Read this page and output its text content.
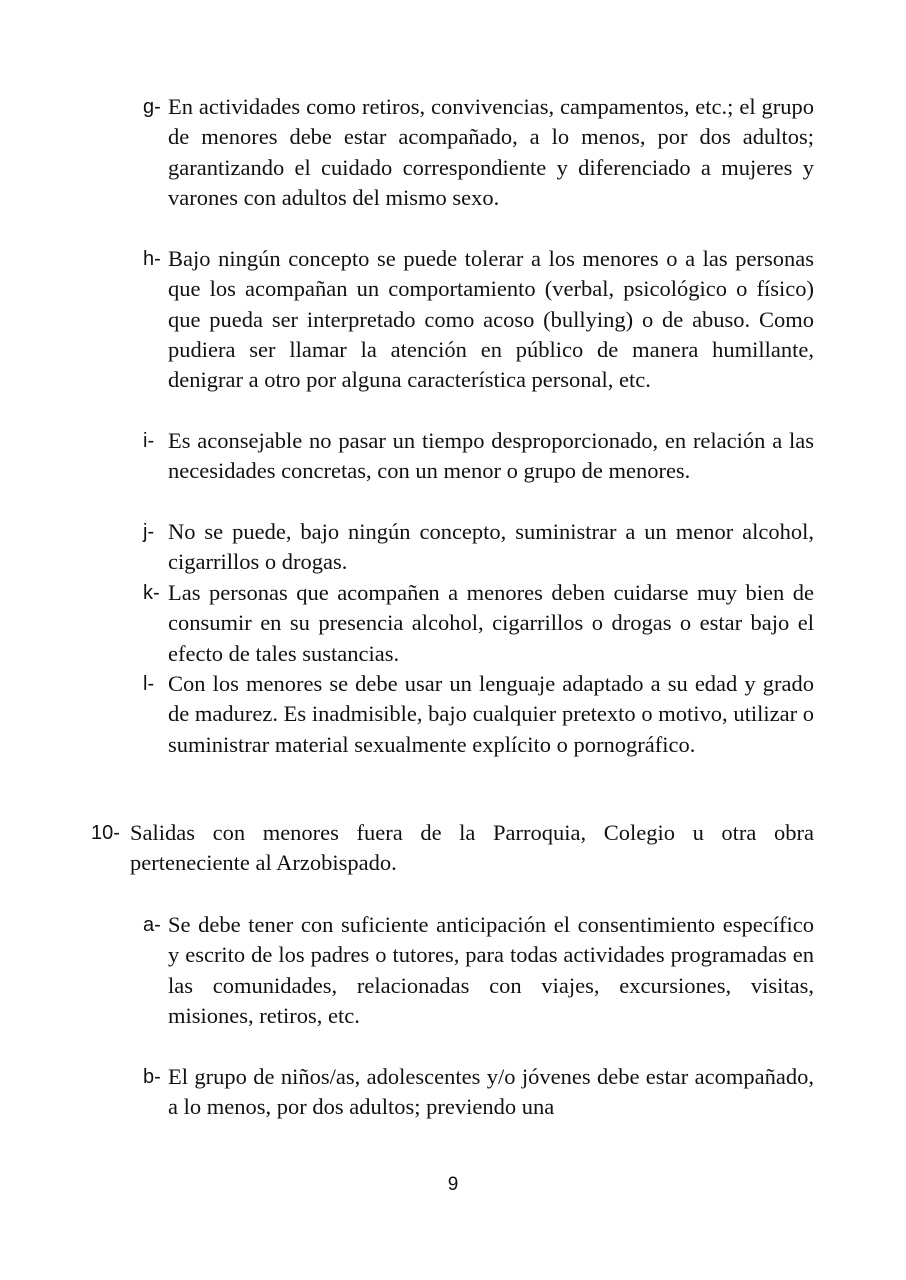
g- En actividades como retiros, convivencias, campamentos, etc.; el grupo de menores debe estar acompañado, a lo menos, por dos adultos; garantizando el cuidado correspondiente y diferenciado a mujeres y varones con adultos del mismo sexo.
h- Bajo ningún concepto se puede tolerar a los menores o a las personas que los acompañan un comportamiento (verbal, psicológico o físico) que pueda ser interpretado como acoso (bullying) o de abuso. Como pudiera ser llamar la atención en público de manera humillante, denigrar a otro por alguna característica personal, etc.
i- Es aconsejable no pasar un tiempo desproporcionado, en relación a las necesidades concretas, con un menor o grupo de menores.
j- No se puede, bajo ningún concepto, suministrar a un menor alcohol, cigarrillos o drogas.
k- Las personas que acompañen a menores deben cuidarse muy bien de consumir en su presencia alcohol, cigarrillos o drogas o estar bajo el efecto de tales sustancias.
l- Con los menores se debe usar un lenguaje adaptado a su edad y grado de madurez. Es inadmisible, bajo cualquier pretexto o motivo, utilizar o suministrar material sexualmente explícito o pornográfico.
10- Salidas con menores fuera de la Parroquia, Colegio u otra obra perteneciente al Arzobispado.
a- Se debe tener con suficiente anticipación el consentimiento específico y escrito de los padres o tutores, para todas actividades programadas en las comunidades, relacionadas con viajes, excursiones, visitas, misiones, retiros, etc.
b- El grupo de niños/as, adolescentes y/o jóvenes debe estar acompañado, a lo menos, por dos adultos; previendo una
9
